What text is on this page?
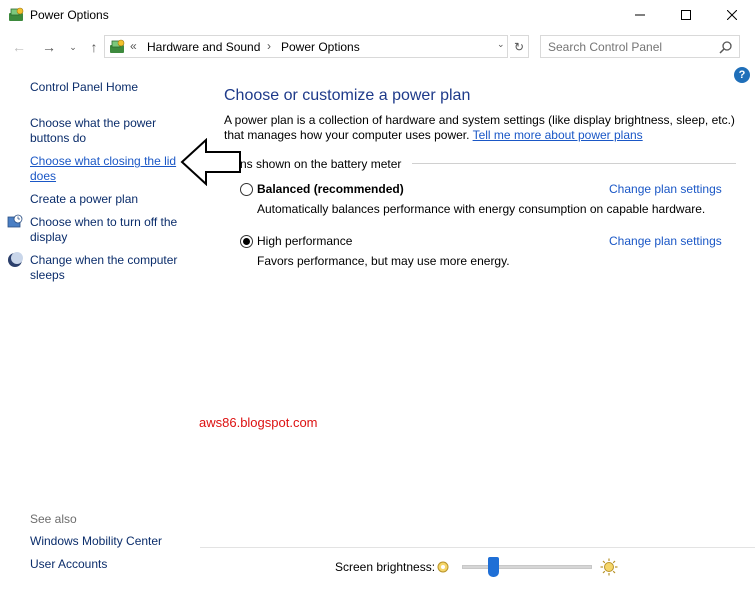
Power Options
← → ⌄ ↑	« Hardware and Sound › Power Options	⌄ ↻
Search Control Panel
?
Control Panel Home
Choose what the power
buttons do
Choose what closing the lid
does
Create a power plan
Choose when to turn off the
display
Change when the computer
sleeps
See also
Windows Mobility Center
User Accounts
Choose or customize a power plan
A power plan is a collection of hardware and system settings (like display brightness, sleep, etc.)
that manages how your computer uses power. Tell me more about power plans
ns shown on the battery meter
Balanced (recommended)
Automatically balances performance with energy consumption on capable hardware.
Change plan settings
High performance
Favors performance, but may use more energy.
Change plan settings
aws86.blogspot.com
Screen brightness:
